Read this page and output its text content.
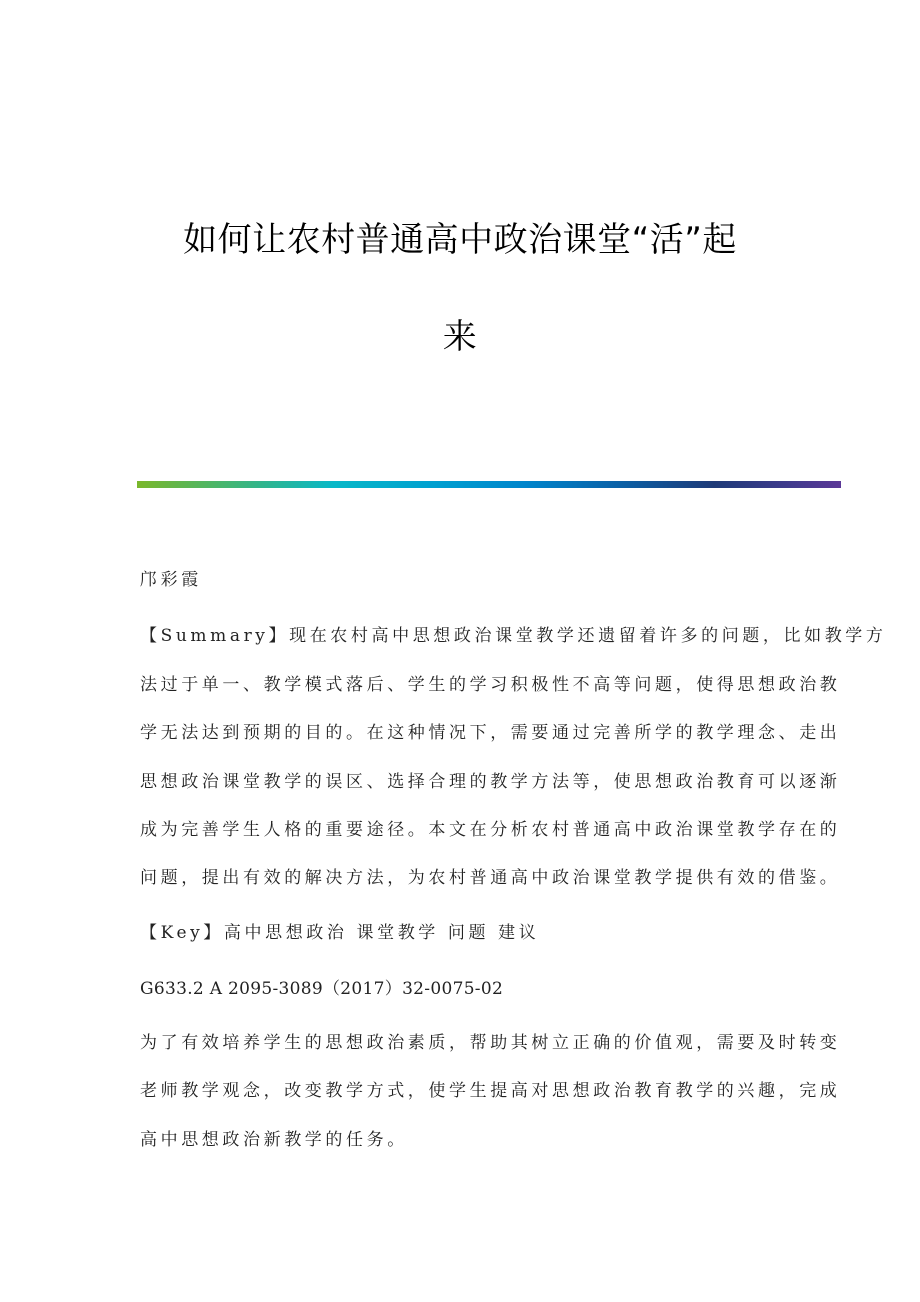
如何让农村普通高中政治课堂“活”起
来
邝彩霞
【Summary】现在农村高中思想政治课堂教学还遗留着许多的问题，比如教学方
法过于单一、教学模式落后、学生的学习积极性不高等问题，使得思想政治教
学无法达到预期的目的。在这种情况下，需要通过完善所学的教学理念、走出
思想政治课堂教学的误区、选择合理的教学方法等，使思想政治教育可以逐渐
成为完善学生人格的重要途径。本文在分析农村普通高中政治课堂教学存在的
问题，提出有效的解决方法，为农村普通高中政治课堂教学提供有效的借鉴。
【Key】高中思想政治 课堂教学 问题 建议
G633.2 A 2095-3089（2017）32-0075-02
为了有效培养学生的思想政治素质，帮助其树立正确的价值观，需要及时转变
老师教学观念，改变教学方式，使学生提高对思想政治教育教学的兴趣，完成
高中思想政治新教学的任务。
